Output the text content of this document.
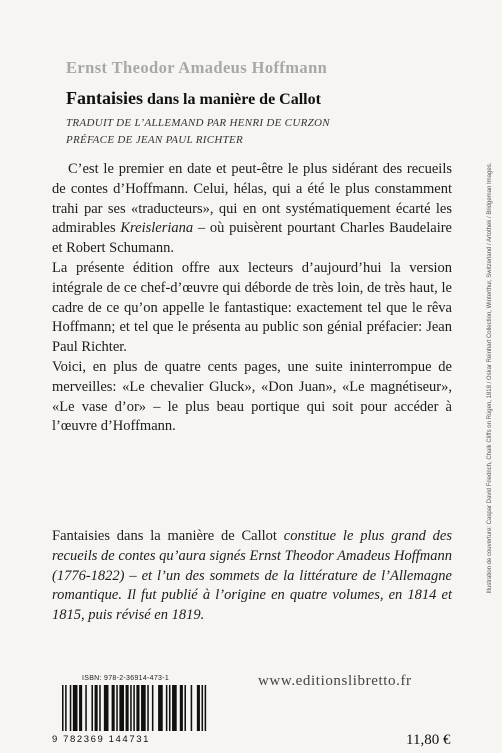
Ernst Theodor Amadeus Hoffmann
Fantaisies dans la manière de Callot
TRADUIT DE L’ALLEMAND PAR HENRI DE CURZON
PRÉFACE DE JEAN PAUL RICHTER

C’est le premier en date et peut-être le plus sidérant des recueils de contes d’Hoffmann. Celui, hélas, qui a été le plus constamment trahi par ses «traducteurs», qui en ont systématiquement écarté les admirables Kreisleriana – où puisèrent pourtant Charles Baudelaire et Robert Schumann.

La présente édition offre aux lecteurs d’aujourd’hui la version intégrale de ce chef-d’œuvre qui déborde de très loin, de très haut, le cadre de ce qu’on appelle le fantastique: exactement tel que le rêva Hoffmann; et tel que le présenta au public son génial préfacier: Jean Paul Richter.

Voici, en plus de quatre cents pages, une suite ininterrompue de merveilles: «Le chevalier Gluck», «Don Juan», «Le magnétiseur», «Le vase d’or» – le plus beau portique qui soit pour accéder à l’œuvre d’Hoffmann.

Fantaisies dans la manière de Callot constitue le plus grand des recueils de contes qu’aura signés Ernst Theodor Amadeus Hoffmann (1776-1822) – et l’un des sommets de la littérature de l’Allemagne romantique. Il fut publié à l’origine en quatre volumes, en 1814 et 1815, puis révisé en 1819.
ISBN: 978-2-36914-473-1	www.editionslibretto.fr
9 782369 144731	11,80 €
Illustration de couverture: Caspar David Friedrich, Chalk Cliffs on Rügen, 1818 / Oskar Reinhart Collection, Winterthur, Switzerland / Artothek / Bridgeman Images.
